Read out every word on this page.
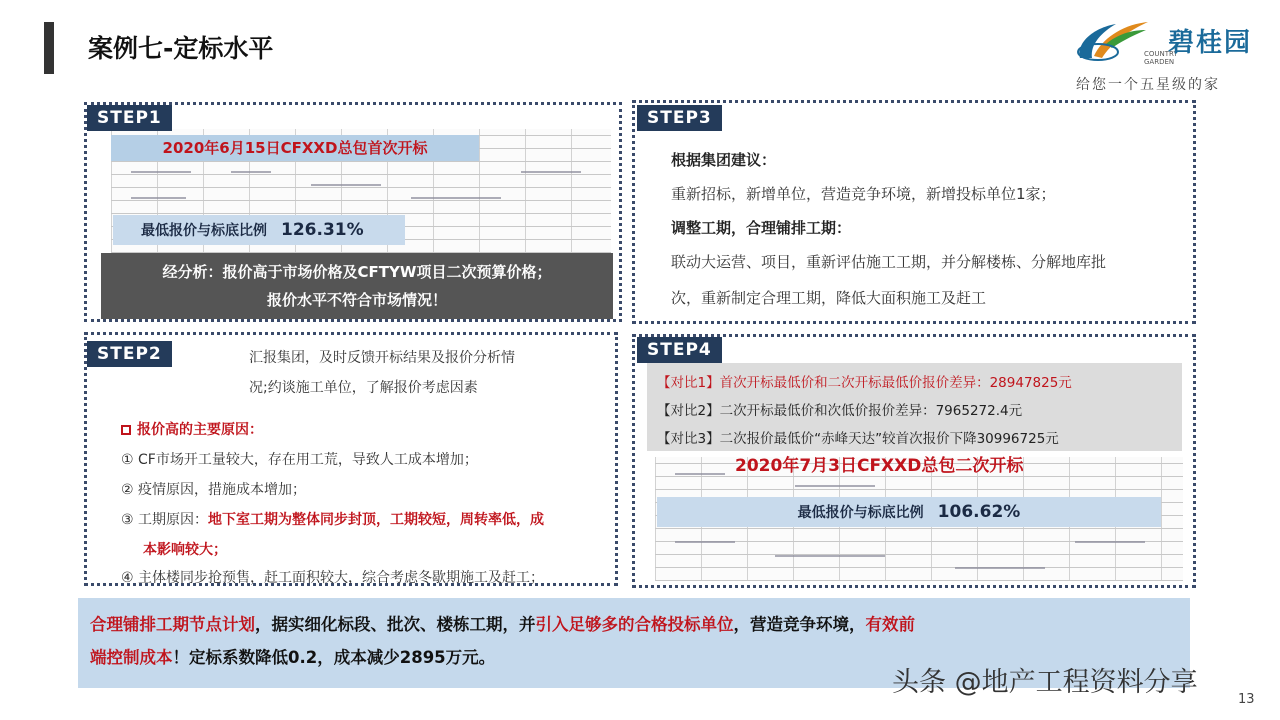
案例七-定标水平	COUNTRY
GARDEN
碧桂园
给您一个五星级的家
STEP1
2020年6月15日CFXXD总包首次开标
最低报价与标底比例 126.31%
经分析：报价高于市场价格及CFTYW项目二次预算价格；
报价水平不符合市场情况！
STEP3
根据集团建议：
重新招标，新增单位，营造竞争环境，新增投标单位1家；
调整工期，合理铺排工期：
联动大运营、项目，重新评估施工工期，并分解楼栋、分解地库批
次，重新制定合理工期，降低大面积施工及赶工
STEP2	汇报集团，及时反馈开标结果及报价分析情
况;约谈施工单位，了解报价考虑因素
报价高的主要原因：
① CF市场开工量较大，存在用工荒，导致人工成本增加；
② 疫情原因，措施成本增加；
③ 工期原因：地下室工期为整体同步封顶，工期较短，周转率低，成
本影响较大；
④ 主体楼同步抢预售，赶工面积较大，综合考虑冬歇期施工及赶工；
STEP4
【对比1】首次开标最低价和二次开标最低价报价差异：28947825元
【对比2】二次开标最低价和次低价报价差异：7965272.4元
【对比3】二次报价最低价“赤峰天达”较首次报价下降30996725元
2020年7月3日CFXXD总包二次开标
最低报价与标底比例 106.62%
合理铺排工期节点计划，据实细化标段、批次、楼栋工期，并引入足够多的合格投标单位，营造竞争环境，有效前
端控制成本！定标系数降低0.2，成本减少2895万元。
头条 @地产工程资料分享
13
